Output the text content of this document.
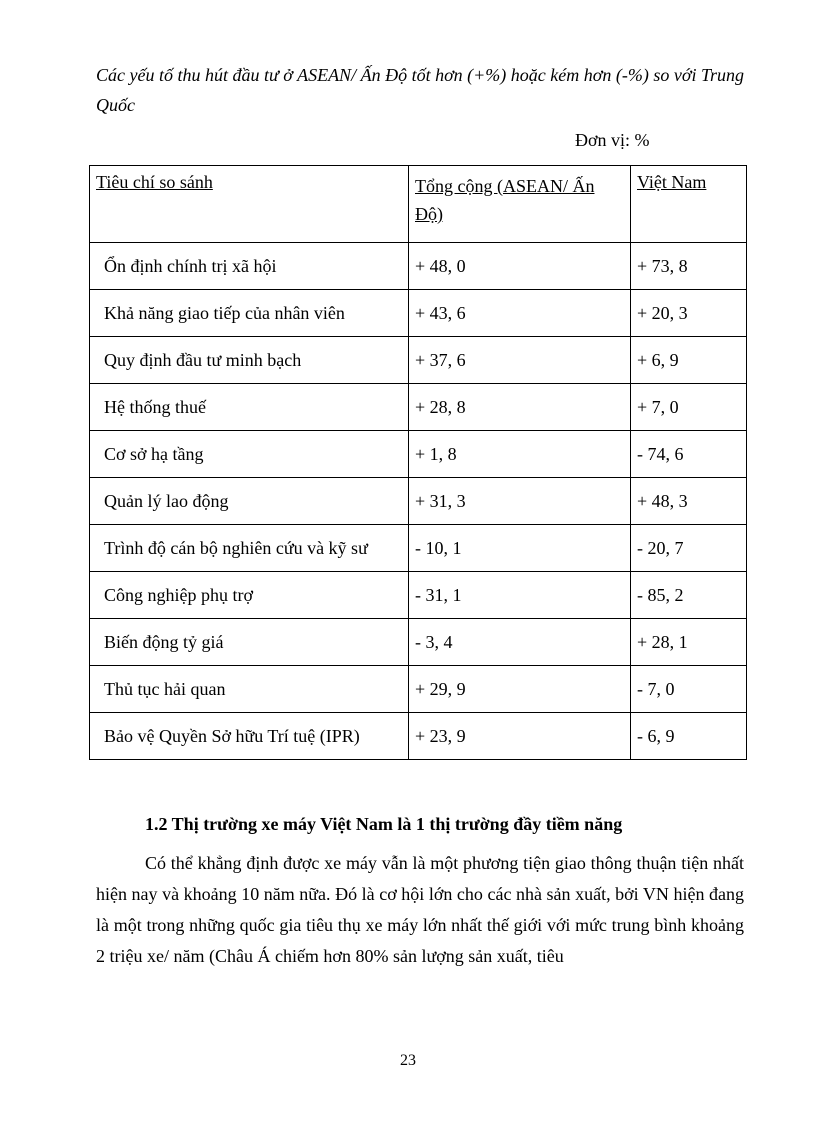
Các yếu tố thu hút đầu tư ở ASEAN/ Ấn Độ tốt hơn (+%) hoặc kém hơn (-%) so với Trung Quốc
Đơn vị: %
Tiêu chí so sánh	Tổng cộng (ASEAN/ Ấn Độ)	Việt Nam
Ổn định chính trị xã hội	+ 48, 0	+ 73, 8
Khả năng giao tiếp của nhân viên	+ 43, 6	+ 20, 3
Quy định đầu tư minh bạch	+ 37, 6	+ 6, 9
Hệ thống thuế	+ 28, 8	+ 7, 0
Cơ sở hạ tầng	+ 1, 8	- 74, 6
Quản lý lao động	+ 31, 3	+ 48, 3
Trình độ cán bộ nghiên cứu và kỹ sư	- 10, 1	- 20, 7
Công nghiệp phụ trợ	- 31, 1	- 85, 2
Biến động tỷ giá	- 3, 4	+ 28, 1
Thủ tục hải quan	+ 29, 9	- 7, 0
Bảo vệ Quyền Sở hữu Trí tuệ (IPR)	+ 23, 9	- 6, 9
1.2 Thị trường xe máy Việt Nam là 1 thị trường đầy tiềm năng
Có thể khẳng định được xe máy vẫn là một phương tiện giao thông thuận tiện nhất hiện nay và khoảng 10 năm nữa. Đó là cơ hội lớn cho các nhà sản xuất, bởi VN hiện đang là một trong những quốc gia tiêu thụ xe máy lớn nhất thế giới với mức trung bình khoảng 2 triệu xe/ năm (Châu Á chiếm hơn 80% sản lượng sản xuất, tiêu
23
